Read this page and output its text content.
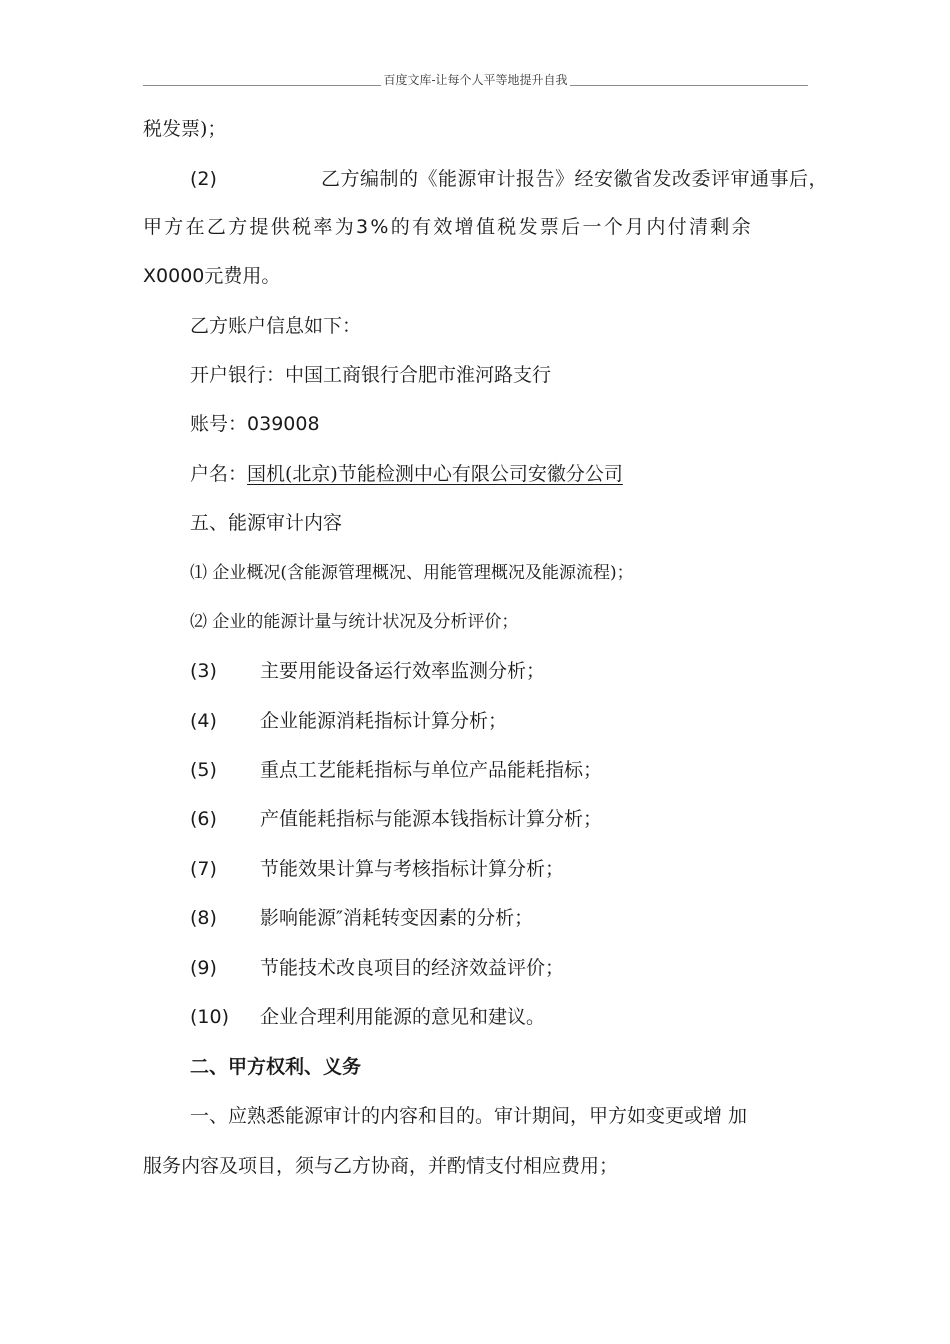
百度文库-让每个人平等地提升自我
税发票)；
(2)	乙方编制的《能源审计报告》经安徽省发改委评审通事后，
甲方在乙方提供税率为3%的有效增值税发票后一个月内付清剩余
X0000元费用。
乙方账户信息如下：
开户银行：中国工商银行合肥市淮河路支行
账号：039008
户名：国机(北京)节能检测中心有限公司安徽分公司
五、能源审计内容
⑴ 企业概况(含能源管理概况、用能管理概况及能源流程)；
⑵ 企业的能源计量与统计状况及分析评价；
(3) 主要用能设备运行效率监测分析；
(4) 企业能源消耗指标计算分析；
(5) 重点工艺能耗指标与单位产品能耗指标；
(6) 产值能耗指标与能源本钱指标计算分析；
(7) 节能效果计算与考核指标计算分析；
(8) 影响能源″消耗转变因素的分析；
(9) 节能技术改良项目的经济效益评价；
(10) 企业合理利用能源的意见和建议。
二、甲方权利、义务
一、应熟悉能源审计的内容和目的。审计期间，甲方如变更或增 加
服务内容及项目，须与乙方协商，并酌情支付相应费用；
